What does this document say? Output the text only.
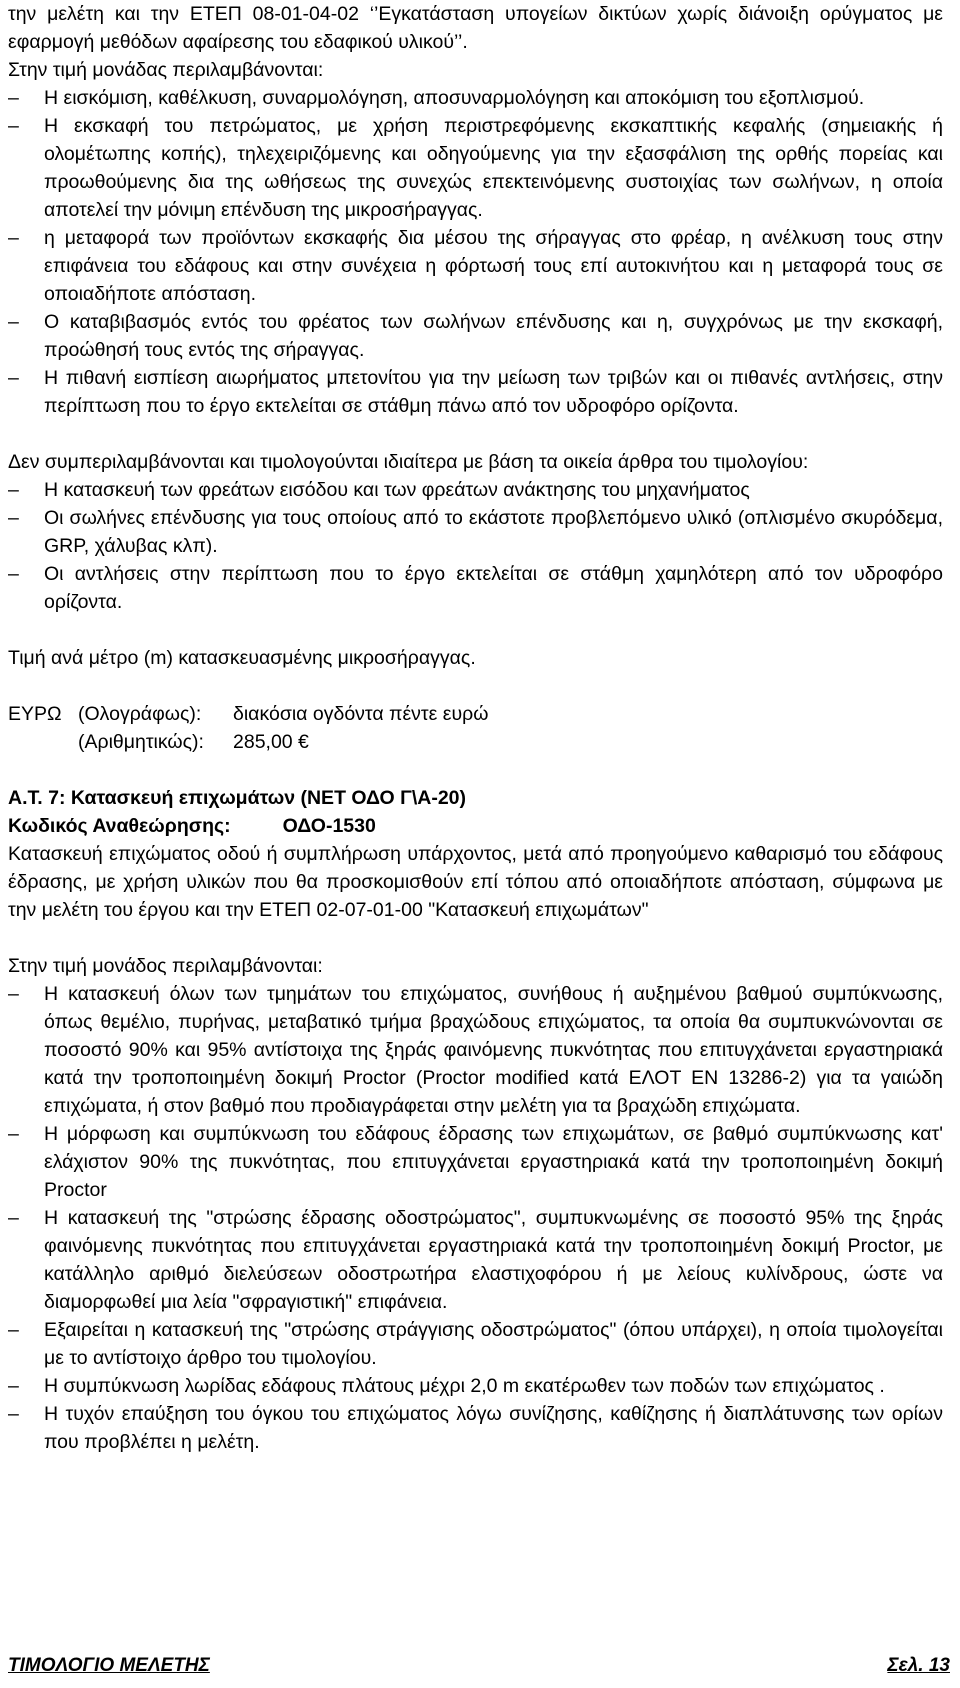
την μελέτη και την ΕΤΕΠ 08-01-04-02 ‘’Εγκατάσταση υπογείων δικτύων χωρίς διάνοιξη ορύγματος με εφαρμογή μεθόδων αφαίρεσης του εδαφικού υλικού’’.

Στην τιμή μονάδας περιλαμβάνονται:

–	Η εισκόμιση, καθέλκυση, συναρμολόγηση, αποσυναρμολόγηση και αποκόμιση του εξοπλισμού.
–	Η εκσκαφή του πετρώματος, με χρήση περιστρεφόμενης εκσκαπτικής κεφαλής (σημειακής ή ολομέτωπης κοπής), τηλεχειριζόμενης και οδηγούμενης για την εξασφάλιση της ορθής πορείας και προωθούμενης δια της ωθήσεως της συνεχώς επεκτεινόμενης συστοιχίας των σωλήνων, η οποία αποτελεί την μόνιμη επένδυση της μικροσήραγγας.
–	η μεταφορά των προϊόντων εκσκαφής δια μέσου της σήραγγας στο φρέαρ, η ανέλκυση τους στην επιφάνεια του εδάφους και στην συνέχεια η φόρτωσή τους επί αυτοκινήτου και η μεταφορά τους σε οποιαδήποτε απόσταση.
–	Ο καταβιβασμός εντός του φρέατος των σωλήνων επένδυσης και η, συγχρόνως με την εκσκαφή, προώθησή τους εντός της σήραγγας.
–	Η πιθανή εισπίεση αιωρήματος μπετονίτου για την μείωση των τριβών και οι πιθανές αντλήσεις, στην περίπτωση που το έργο εκτελείται σε στάθμη πάνω από τον υδροφόρο ορίζοντα.

Δεν συμπεριλαμβάνονται και τιμολογούνται ιδιαίτερα με βάση τα οικεία άρθρα του τιμολογίου:

–	Η κατασκευή των φρεάτων εισόδου και των φρεάτων ανάκτησης του μηχανήματος
–	Οι σωλήνες επένδυσης για τους οποίους από το εκάστοτε προβλεπόμενο υλικό (οπλισμένο σκυρόδεμα, GRP, χάλυβας κλπ).
–	Οι αντλήσεις στην περίπτωση που το έργο εκτελείται σε στάθμη χαμηλότερη από τον υδροφόρο ορίζοντα.

Τιμή ανά μέτρο (m) κατασκευασμένης μικροσήραγγας.

ΕΥΡΩ (Ολογράφως):	διακόσια ογδόντα πέντε ευρώ
(Αριθμητικώς):	285,00 €

Α.Τ. 7: Κατασκευή επιχωμάτων (ΝΕΤ ΟΔΟ Γ\Α-20)

Κωδικός Αναθεώρησης:	ΟΔΟ-1530

Κατασκευή επιχώματος οδού ή συμπλήρωση υπάρχοντος, μετά από προηγούμενο καθαρισμό του εδάφους έδρασης, με χρήση υλικών που θα προσκομισθούν επί τόπου από οποιαδήποτε απόσταση, σύμφωνα με την μελέτη του έργου και την ΕΤΕΠ 02-07-01-00 "Κατασκευή επιχωμάτων"

Στην τιμή μονάδος περιλαμβάνονται:

–	Η κατασκευή όλων των τμημάτων του επιχώματος, συνήθους ή αυξημένου βαθμού συμπύκνωσης, όπως θεμέλιο, πυρήνας, μεταβατικό τμήμα βραχώδους επιχώματος, τα οποία θα συμπυκνώνονται σε ποσοστό 90% και 95% αντίστοιχα της ξηράς φαινόμενης πυκνότητας που επιτυγχάνεται εργαστηριακά κατά την τροποποιημένη δοκιμή Proctor (Proctor modified κατά ΕΛΟΤ ΕΝ 13286-2) για τα γαιώδη επιχώματα, ή στον βαθμό που προδιαγράφεται στην μελέτη για τα βραχώδη επιχώματα.
–	Η μόρφωση και συμπύκνωση του εδάφους έδρασης των επιχωμάτων, σε βαθμό συμπύκνωσης κατ' ελάχιστον 90% της πυκνότητας, που επιτυγχάνεται εργαστηριακά κατά την τροποποιημένη δοκιμή Proctor
–	Η κατασκευή της "στρώσης έδρασης οδοστρώματος", συμπυκνωμένης σε ποσοστό 95% της ξηράς φαινόμενης πυκνότητας που επιτυγχάνεται εργαστηριακά κατά την τροποποιημένη δοκιμή Proctor, με κατάλληλο αριθμό διελεύσεων οδοστρωτήρα ελαστιχοφόρου ή με λείους κυλίνδρους, ώστε να διαμορφωθεί μια λεία "σφραγιστική" επιφάνεια.
–	Εξαιρείται η κατασκευή της "στρώσης στράγγισης οδοστρώματος" (όπου υπάρχει), η οποία τιμολογείται με το αντίστοιχο άρθρο του τιμολογίου.
–	Η συμπύκνωση λωρίδας εδάφους πλάτους μέχρι 2,0 m εκατέρωθεν των ποδών των επιχώματος .
–	Η τυχόν επαύξηση του όγκου του επιχώματος λόγω συνίζησης, καθίζησης ή διαπλάτυνσης των ορίων που προβλέπει η μελέτη.
ΤΙΜΟΛΟΓΙΟ ΜΕΛΕΤΗΣ	Σελ. 13
